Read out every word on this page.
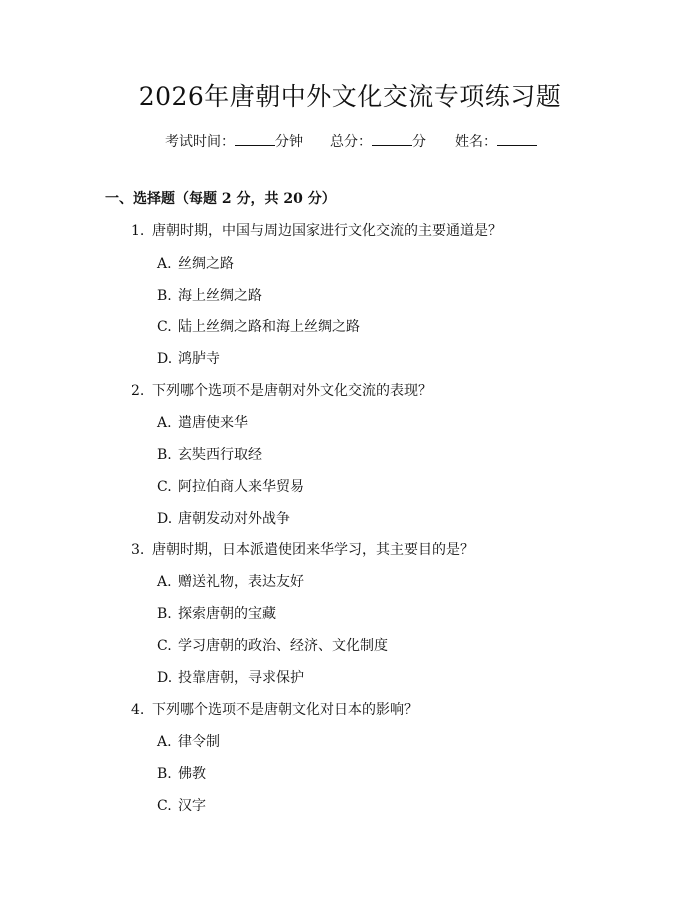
2026年唐朝中外文化交流专项练习题
考试时间：	分钟 总分：	分 姓名：
一、选择题（每题 2 分，共 20 分）
1. 唐朝时期，中国与周边国家进行文化交流的主要通道是？
A. 丝绸之路
B. 海上丝绸之路
C. 陆上丝绸之路和海上丝绸之路
D. 鸿胪寺
2. 下列哪个选项不是唐朝对外文化交流的表现？
A. 遣唐使来华
B. 玄奘西行取经
C. 阿拉伯商人来华贸易
D. 唐朝发动对外战争
3. 唐朝时期，日本派遣使团来华学习，其主要目的是？
A. 赠送礼物，表达友好
B. 探索唐朝的宝藏
C. 学习唐朝的政治、经济、文化制度
D. 投靠唐朝，寻求保护
4. 下列哪个选项不是唐朝文化对日本的影响？
A. 律令制
B. 佛教
C. 汉字
